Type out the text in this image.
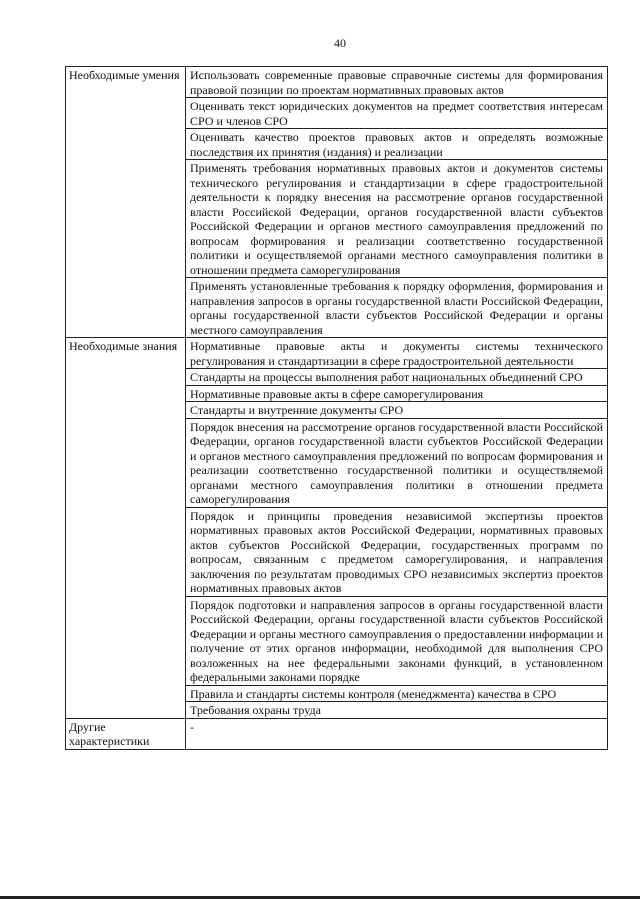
40
Необходимые умения	Использовать современные правовые справочные системы для формирования правовой позиции по проектам нормативных правовых актов
	Оценивать текст юридических документов на предмет соответствия интересам СРО и членов СРО
	Оценивать качество проектов правовых актов и определять возможные последствия их принятия (издания) и реализации
	Применять требования нормативных правовых актов и документов системы технического регулирования и стандартизации в сфере градостроительной деятельности к порядку внесения на рассмотрение органов государственной власти Российской Федерации, органов государственной власти субъектов Российской Федерации и органов местного самоуправления предложений по вопросам формирования и реализации соответственно государственной политики и осуществляемой органами местного самоуправления политики в отношении предмета саморегулирования
	Применять установленные требования к порядку оформления, формирования и направления запросов в органы государственной власти Российской Федерации, органы государственной власти субъектов Российской Федерации и органы местного самоуправления
Необходимые знания	Нормативные правовые акты и документы системы технического регулирования и стандартизации в сфере градостроительной деятельности
	Стандарты на процессы выполнения работ национальных объединений СРО
	Нормативные правовые акты в сфере саморегулирования
	Стандарты и внутренние документы СРО
	Порядок внесения на рассмотрение органов государственной власти Российской Федерации, органов государственной власти субъектов Российской Федерации и органов местного самоуправления предложений по вопросам формирования и реализации соответственно государственной политики и осуществляемой органами местного самоуправления политики в отношении предмета саморегулирования
	Порядок и принципы проведения независимой экспертизы проектов нормативных правовых актов Российской Федерации, нормативных правовых актов субъектов Российской Федерации, государственных программ по вопросам, связанным с предметом саморегулирования, и направления заключения по результатам проводимых СРО независимых экспертиз проектов нормативных правовых актов
	Порядок подготовки и направления запросов в органы государственной власти Российской Федерации, органы государственной власти субъектов Российской Федерации и органы местного самоуправления о предоставлении информации и получение от этих органов информации, необходимой для выполнения СРО возложенных на нее федеральными законами функций, в установленном федеральными законами порядке
	Правила и стандарты системы контроля (менеджмента) качества в СРО
	Требования охраны труда
Другие характеристики	-
